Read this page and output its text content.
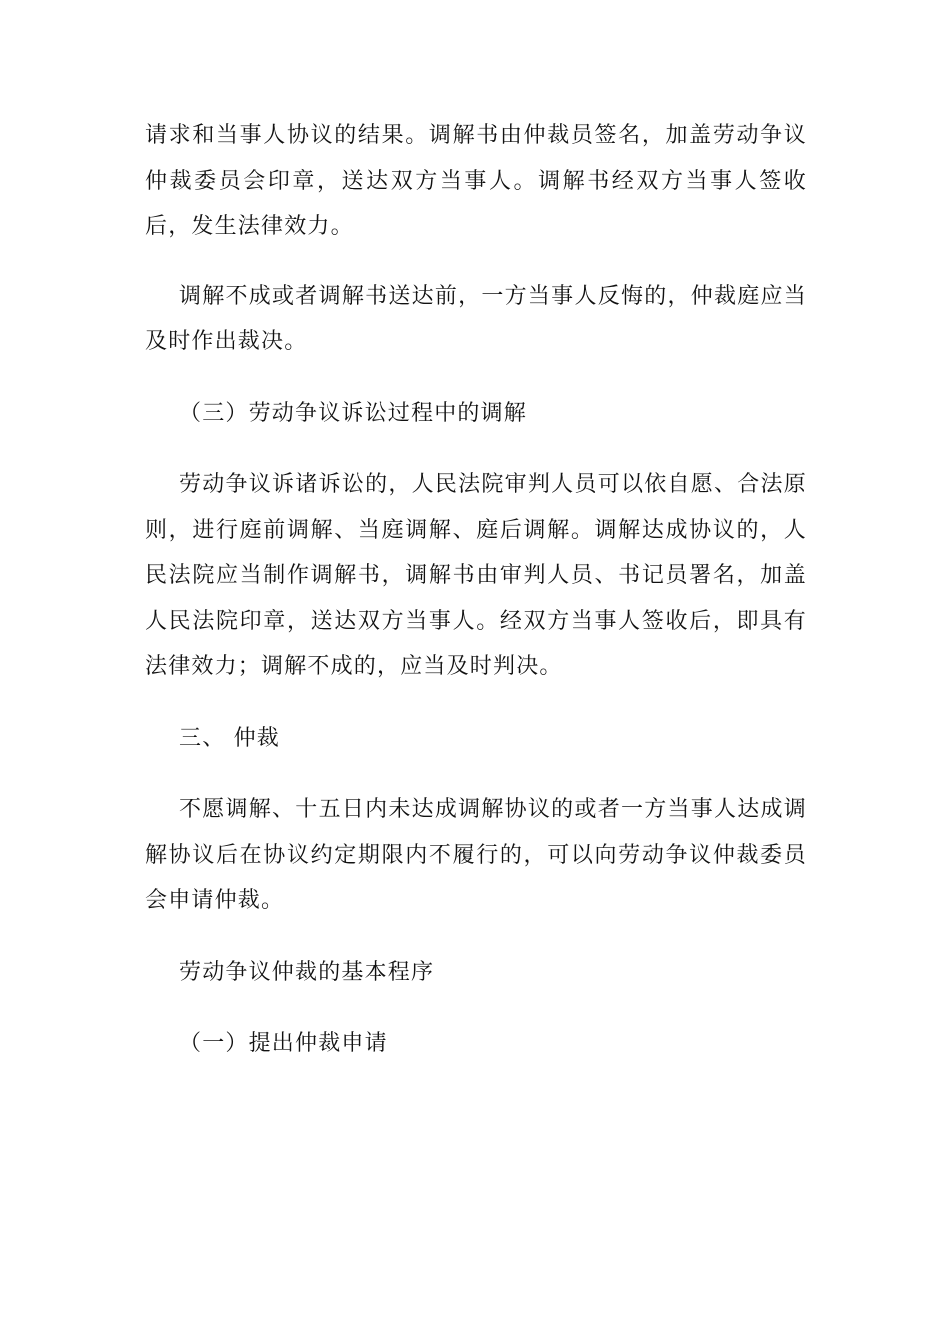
请求和当事人协议的结果。调解书由仲裁员签名，加盖劳动争议仲裁委员会印章，送达双方当事人。调解书经双方当事人签收后，发生法律效力。

调解不成或者调解书送达前，一方当事人反悔的，仲裁庭应当及时作出裁决。

（三）劳动争议诉讼过程中的调解

劳动争议诉诸诉讼的，人民法院审判人员可以依自愿、合法原则，进行庭前调解、当庭调解、庭后调解。调解达成协议的，人民法院应当制作调解书，调解书由审判人员、书记员署名，加盖人民法院印章，送达双方当事人。经双方当事人签收后，即具有法律效力；调解不成的，应当及时判决。

三、 仲裁

不愿调解、十五日内未达成调解协议的或者一方当事人达成调解协议后在协议约定期限内不履行的，可以向劳动争议仲裁委员会申请仲裁。

劳动争议仲裁的基本程序

（一）提出仲裁申请
